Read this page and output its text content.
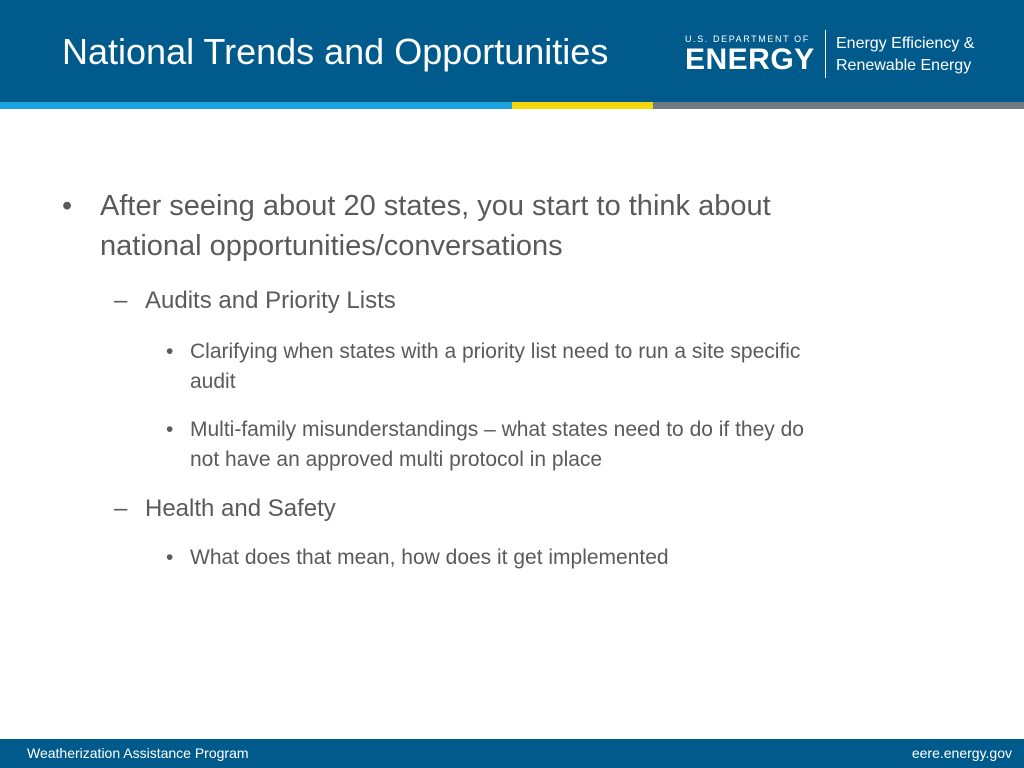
National Trends and Opportunities	U.S. DEPARTMENT OF
ENERGY Energy Efficiency &
Renewable Energy
• After seeing about 20 states, you start to think about
national opportunities/conversations
– Audits and Priority Lists
• Clarifying when states with a priority list need to run a site specific
audit
• Multi-family misunderstandings – what states need to do if they do
not have an approved multi protocol in place
– Health and Safety
• What does that mean, how does it get implemented
Weatherization Assistance Program	eere.energy.gov
